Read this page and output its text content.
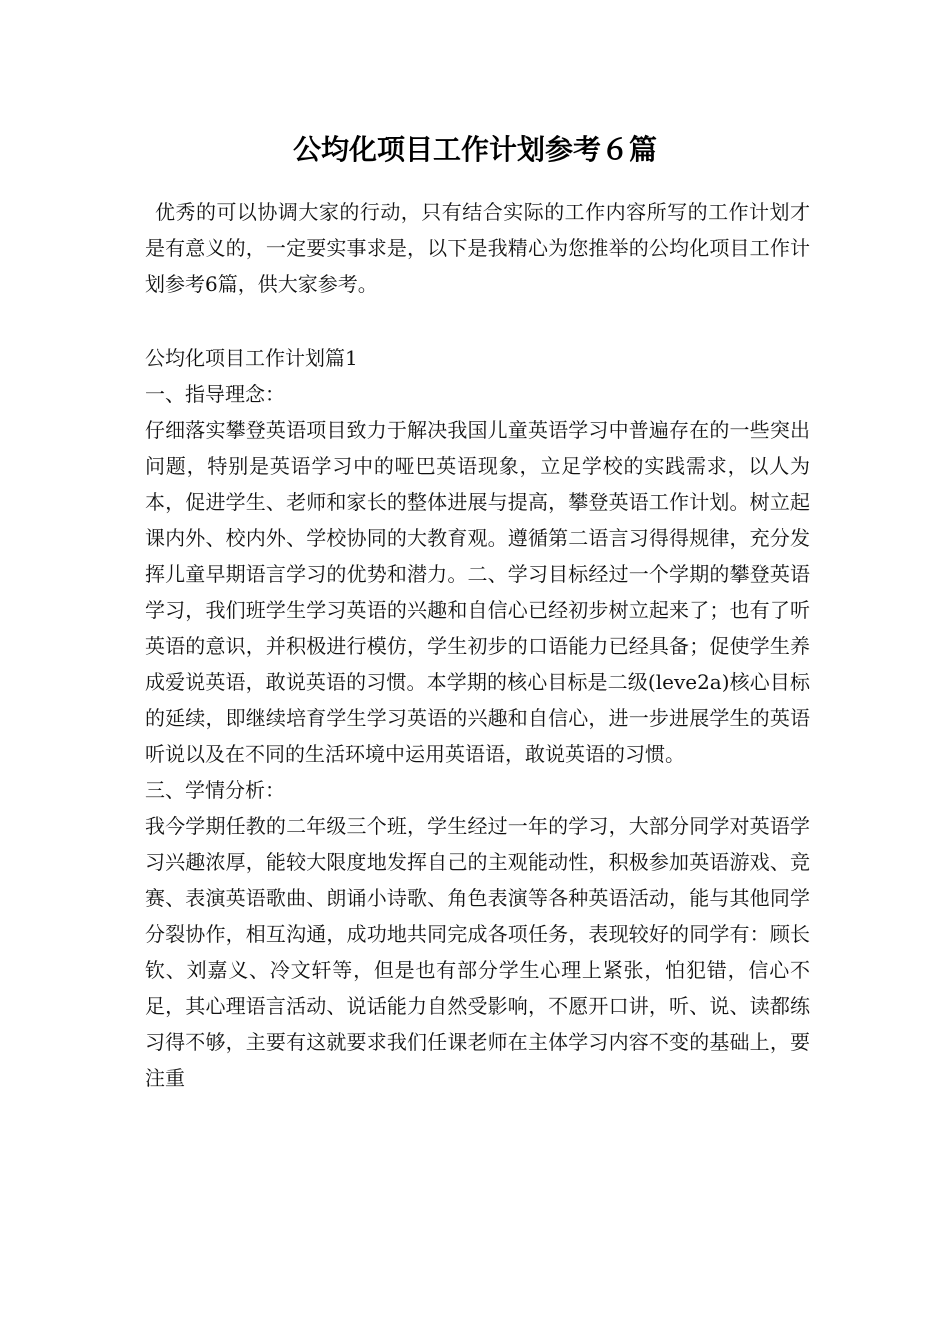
公均化项目工作计划参考６篇

优秀的可以协调大家的行动，只有结合实际的工作内容所写的工作计划才是有意义的，一定要实事求是，以下是我精心为您推举的公均化项目工作计划参考6篇，供大家参考。

公均化项目工作计划篇1

一、指导理念：

仔细落实攀登英语项目致力于解决我国儿童英语学习中普遍存在的一些突出问题，特别是英语学习中的哑巴英语现象，立足学校的实践需求，以人为本，促进学生、老师和家长的整体进展与提高，攀登英语工作计划。树立起课内外、校内外、学校协同的大教育观。遵循第二语言习得得规律，充分发挥儿童早期语言学习的优势和潜力。二、学习目标经过一个学期的攀登英语学习，我们班学生学习英语的兴趣和自信心已经初步树立起来了；也有了听英语的意识，并积极进行模仿，学生初步的口语能力已经具备；促使学生养成爱说英语，敢说英语的习惯。本学期的核心目标是二级(leve2a)核心目标的延续，即继续培育学生学习英语的兴趣和自信心，进一步进展学生的英语听说以及在不同的生活环境中运用英语语，敢说英语的习惯。

三、学情分析：

我今学期任教的二年级三个班，学生经过一年的学习，大部分同学对英语学习兴趣浓厚，能较大限度地发挥自己的主观能动性，积极参加英语游戏、竞赛、表演英语歌曲、朗诵小诗歌、角色表演等各种英语活动，能与其他同学分裂协作，相互沟通，成功地共同完成各项任务，表现较好的同学有：顾长钦、刘嘉义、冷文轩等，但是也有部分学生心理上紧张，怕犯错，信心不足，其心理语言活动、说话能力自然受影响，不愿开口讲，听、说、读都练习得不够，主要有这就要求我们任课老师在主体学习内容不变的基础上，要注重
